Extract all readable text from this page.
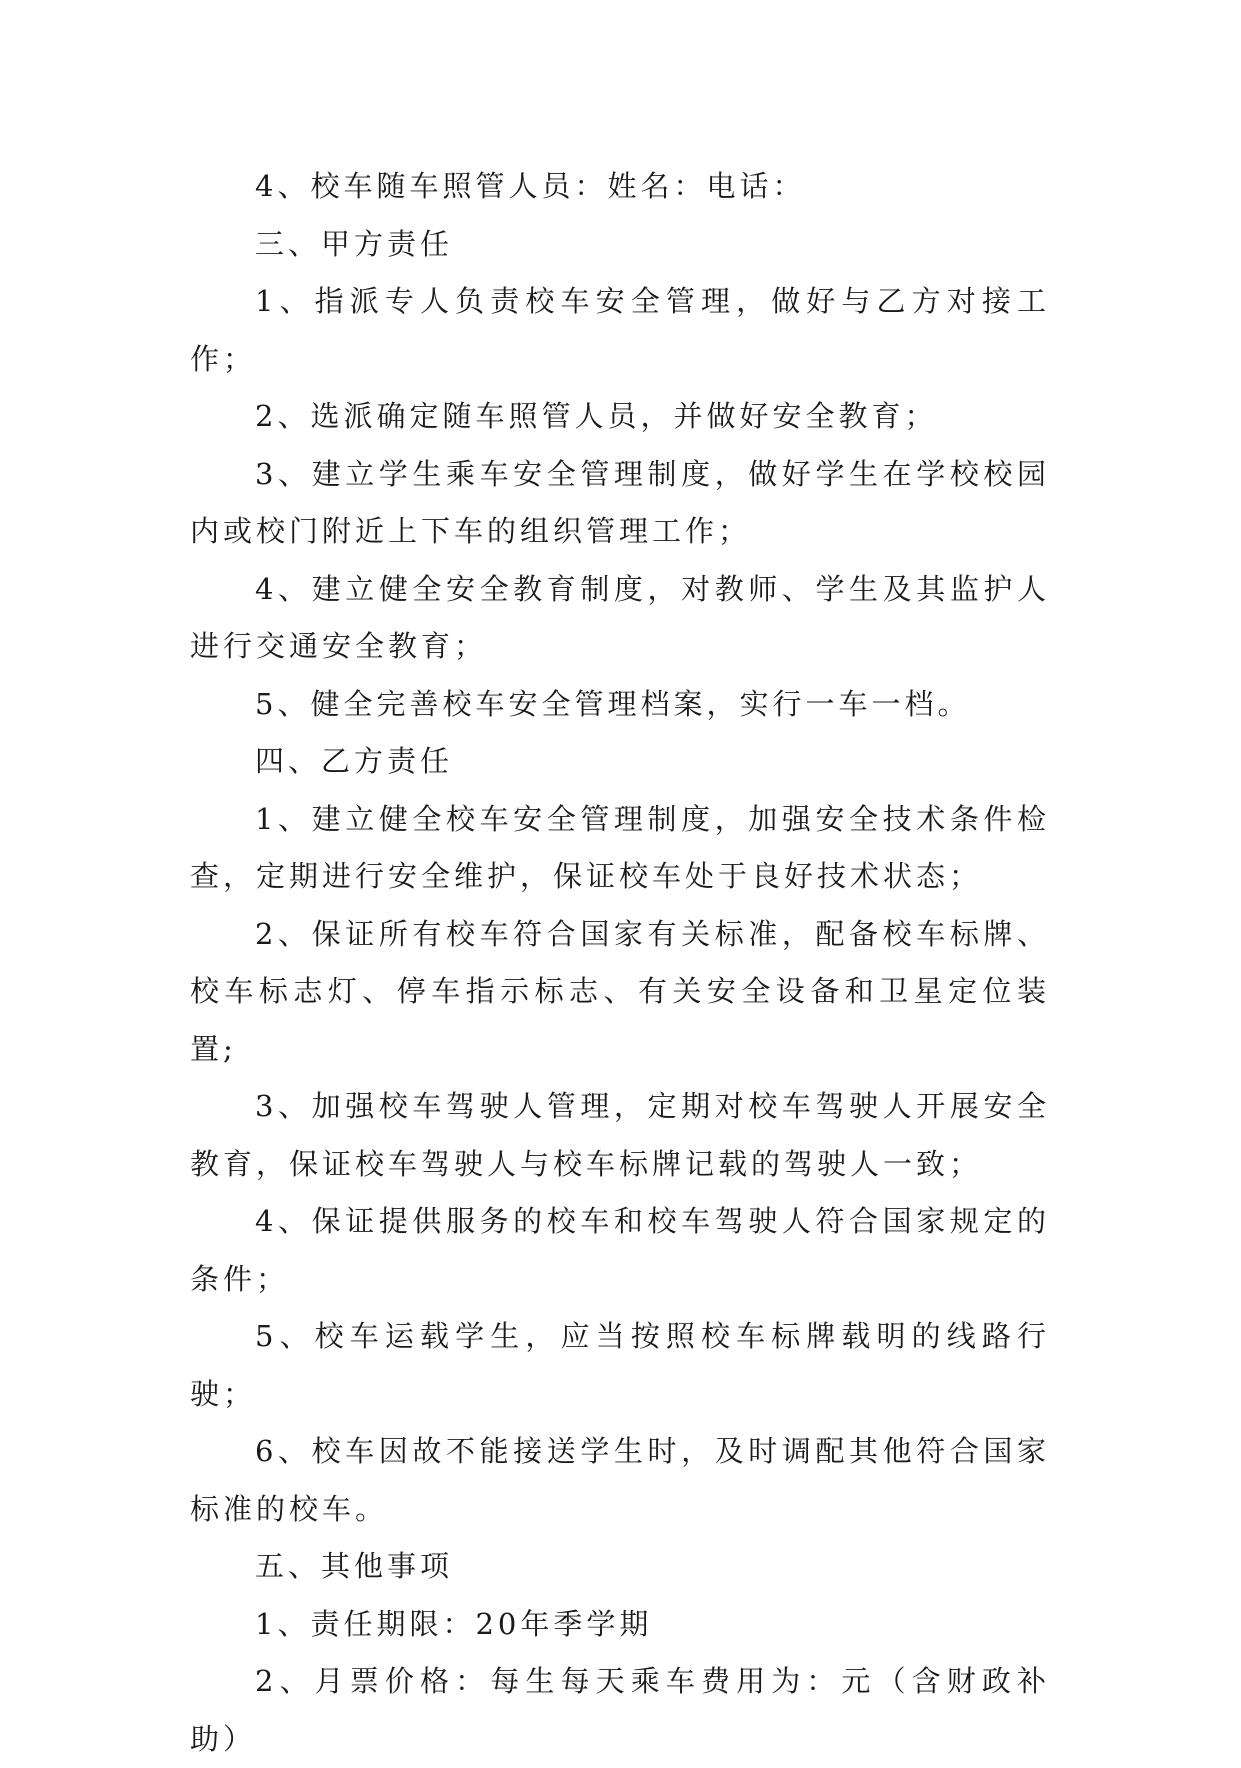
4、校车随车照管人员：姓名：电话：

三、甲方责任

1、指派专人负责校车安全管理，做好与乙方对接工作；

2、选派确定随车照管人员，并做好安全教育；

3、建立学生乘车安全管理制度，做好学生在学校校园内或校门附近上下车的组织管理工作；

4、建立健全安全教育制度，对教师、学生及其监护人进行交通安全教育；

5、健全完善校车安全管理档案，实行一车一档。

四、乙方责任

1、建立健全校车安全管理制度，加强安全技术条件检查，定期进行安全维护，保证校车处于良好技术状态；

2、保证所有校车符合国家有关标准，配备校车标牌、校车标志灯、停车指示标志、有关安全设备和卫星定位装置;

3、加强校车驾驶人管理，定期对校车驾驶人开展安全教育，保证校车驾驶人与校车标牌记载的驾驶人一致；

4、保证提供服务的校车和校车驾驶人符合国家规定的条件；

5、校车运载学生，应当按照校车标牌载明的线路行驶；

6、校车因故不能接送学生时，及时调配其他符合国家标准的校车。

五、其他事项

1、责任期限：20年季学期

2、月票价格：每生每天乘车费用为：元（含财政补助）
